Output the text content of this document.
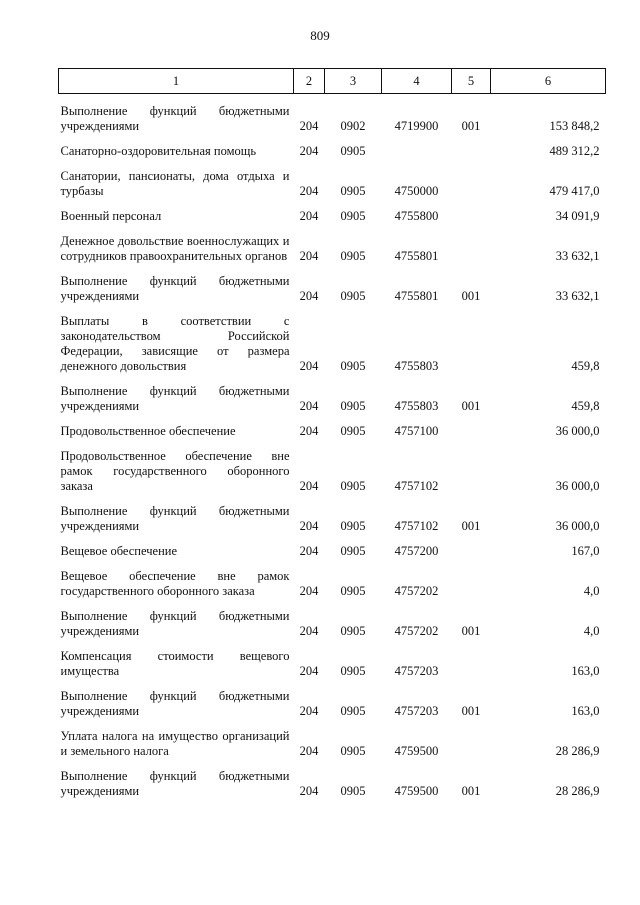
809
1	2	3	4	5	6

Выполнение функций бюджетными учреждениями	204	0902	4719900	001	153 848,2

Санаторно-оздоровительная помощь	204	0905			489 312,2

Санатории, пансионаты, дома отдыха и турбазы	204	0905	4750000		479 417,0

Военный персонал	204	0905	4755800		34 091,9

Денежное довольствие военнослужащих и сотрудников правоохранительных органов	204	0905	4755801		33 632,1

Выполнение функций бюджетными учреждениями	204	0905	4755801	001	33 632,1

Выплаты в соответствии с законодательством Российской Федерации, зависящие от размера денежного довольствия	204	0905	4755803		459,8

Выполнение функций бюджетными учреждениями	204	0905	4755803	001	459,8

Продовольственное обеспечение	204	0905	4757100		36 000,0

Продовольственное обеспечение вне рамок государственного оборонного заказа	204	0905	4757102		36 000,0

Выполнение функций бюджетными учреждениями	204	0905	4757102	001	36 000,0

Вещевое обеспечение	204	0905	4757200		167,0

Вещевое обеспечение вне рамок государственного оборонного заказа	204	0905	4757202		4,0

Выполнение функций бюджетными учреждениями	204	0905	4757202	001	4,0

Компенсация стоимости вещевого имущества	204	0905	4757203		163,0

Выполнение функций бюджетными учреждениями	204	0905	4757203	001	163,0

Уплата налога на имущество организаций и земельного налога	204	0905	4759500		28 286,9

Выполнение функций бюджетными учреждениями	204	0905	4759500	001	28 286,9
